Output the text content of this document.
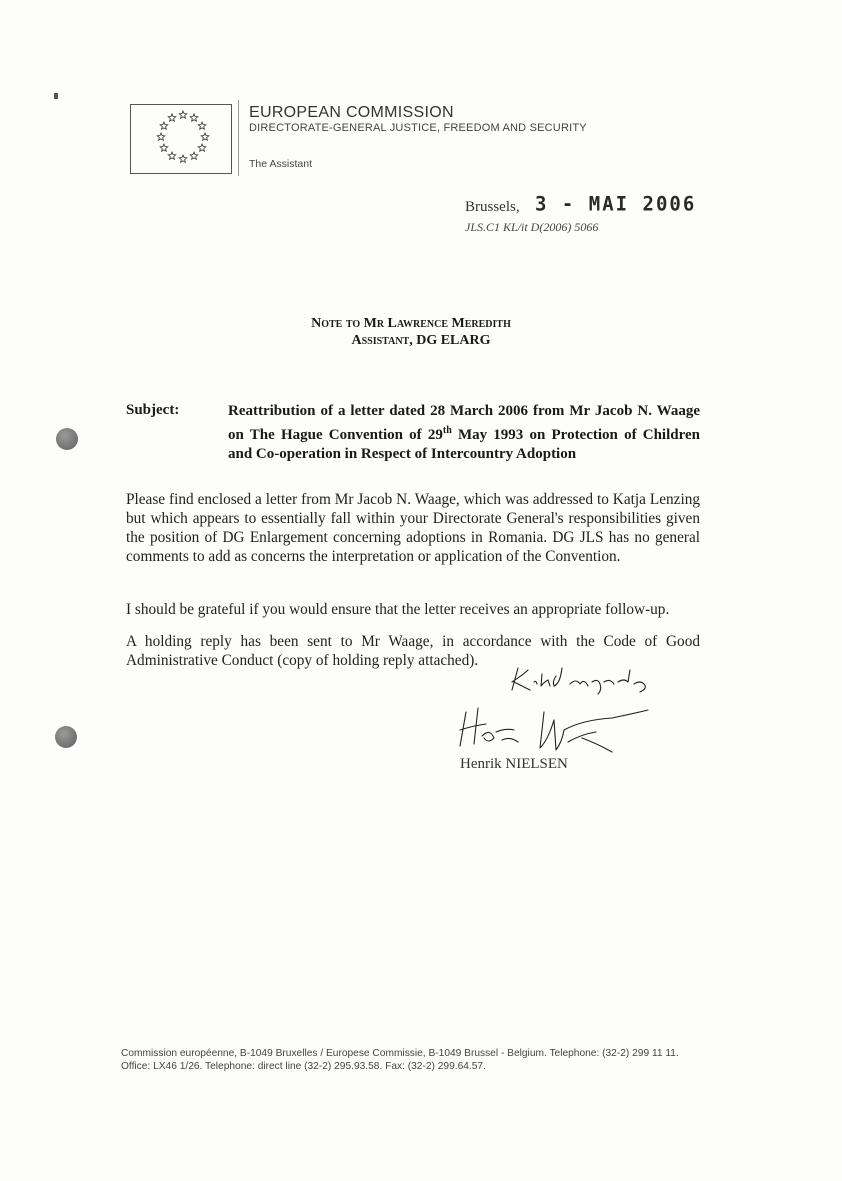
EUROPEAN COMMISSION
DIRECTORATE-GENERAL JUSTICE, FREEDOM AND SECURITY
The Assistant
Brussels, 3 - MAI 2006
JLS.C1 KL/it D(2006) 5066
Note to Mr Lawrence Meredith
Assistant, DG ELARG
Subject:	Reattribution of a letter dated 28 March 2006 from Mr Jacob N. Waage on The Hague Convention of 29th May 1993 on Protection of Children and Co-operation in Respect of Intercountry Adoption
Please find enclosed a letter from Mr Jacob N. Waage, which was addressed to Katja Lenzing but which appears to essentially fall within your Directorate General's responsibilities given the position of DG Enlargement concerning adoptions in Romania. DG JLS has no general comments to add as concerns the interpretation or application of the Convention.
I should be grateful if you would ensure that the letter receives an appropriate follow-up.
A holding reply has been sent to Mr Waage, in accordance with the Code of Good Administrative Conduct (copy of holding reply attached).
Henrik NIELSEN
Commission européenne, B-1049 Bruxelles / Europese Commissie, B-1049 Brussel - Belgium. Telephone: (32-2) 299 11 11.
Office: LX46 1/26. Telephone: direct line (32-2) 295.93.58. Fax: (32-2) 299.64.57.
